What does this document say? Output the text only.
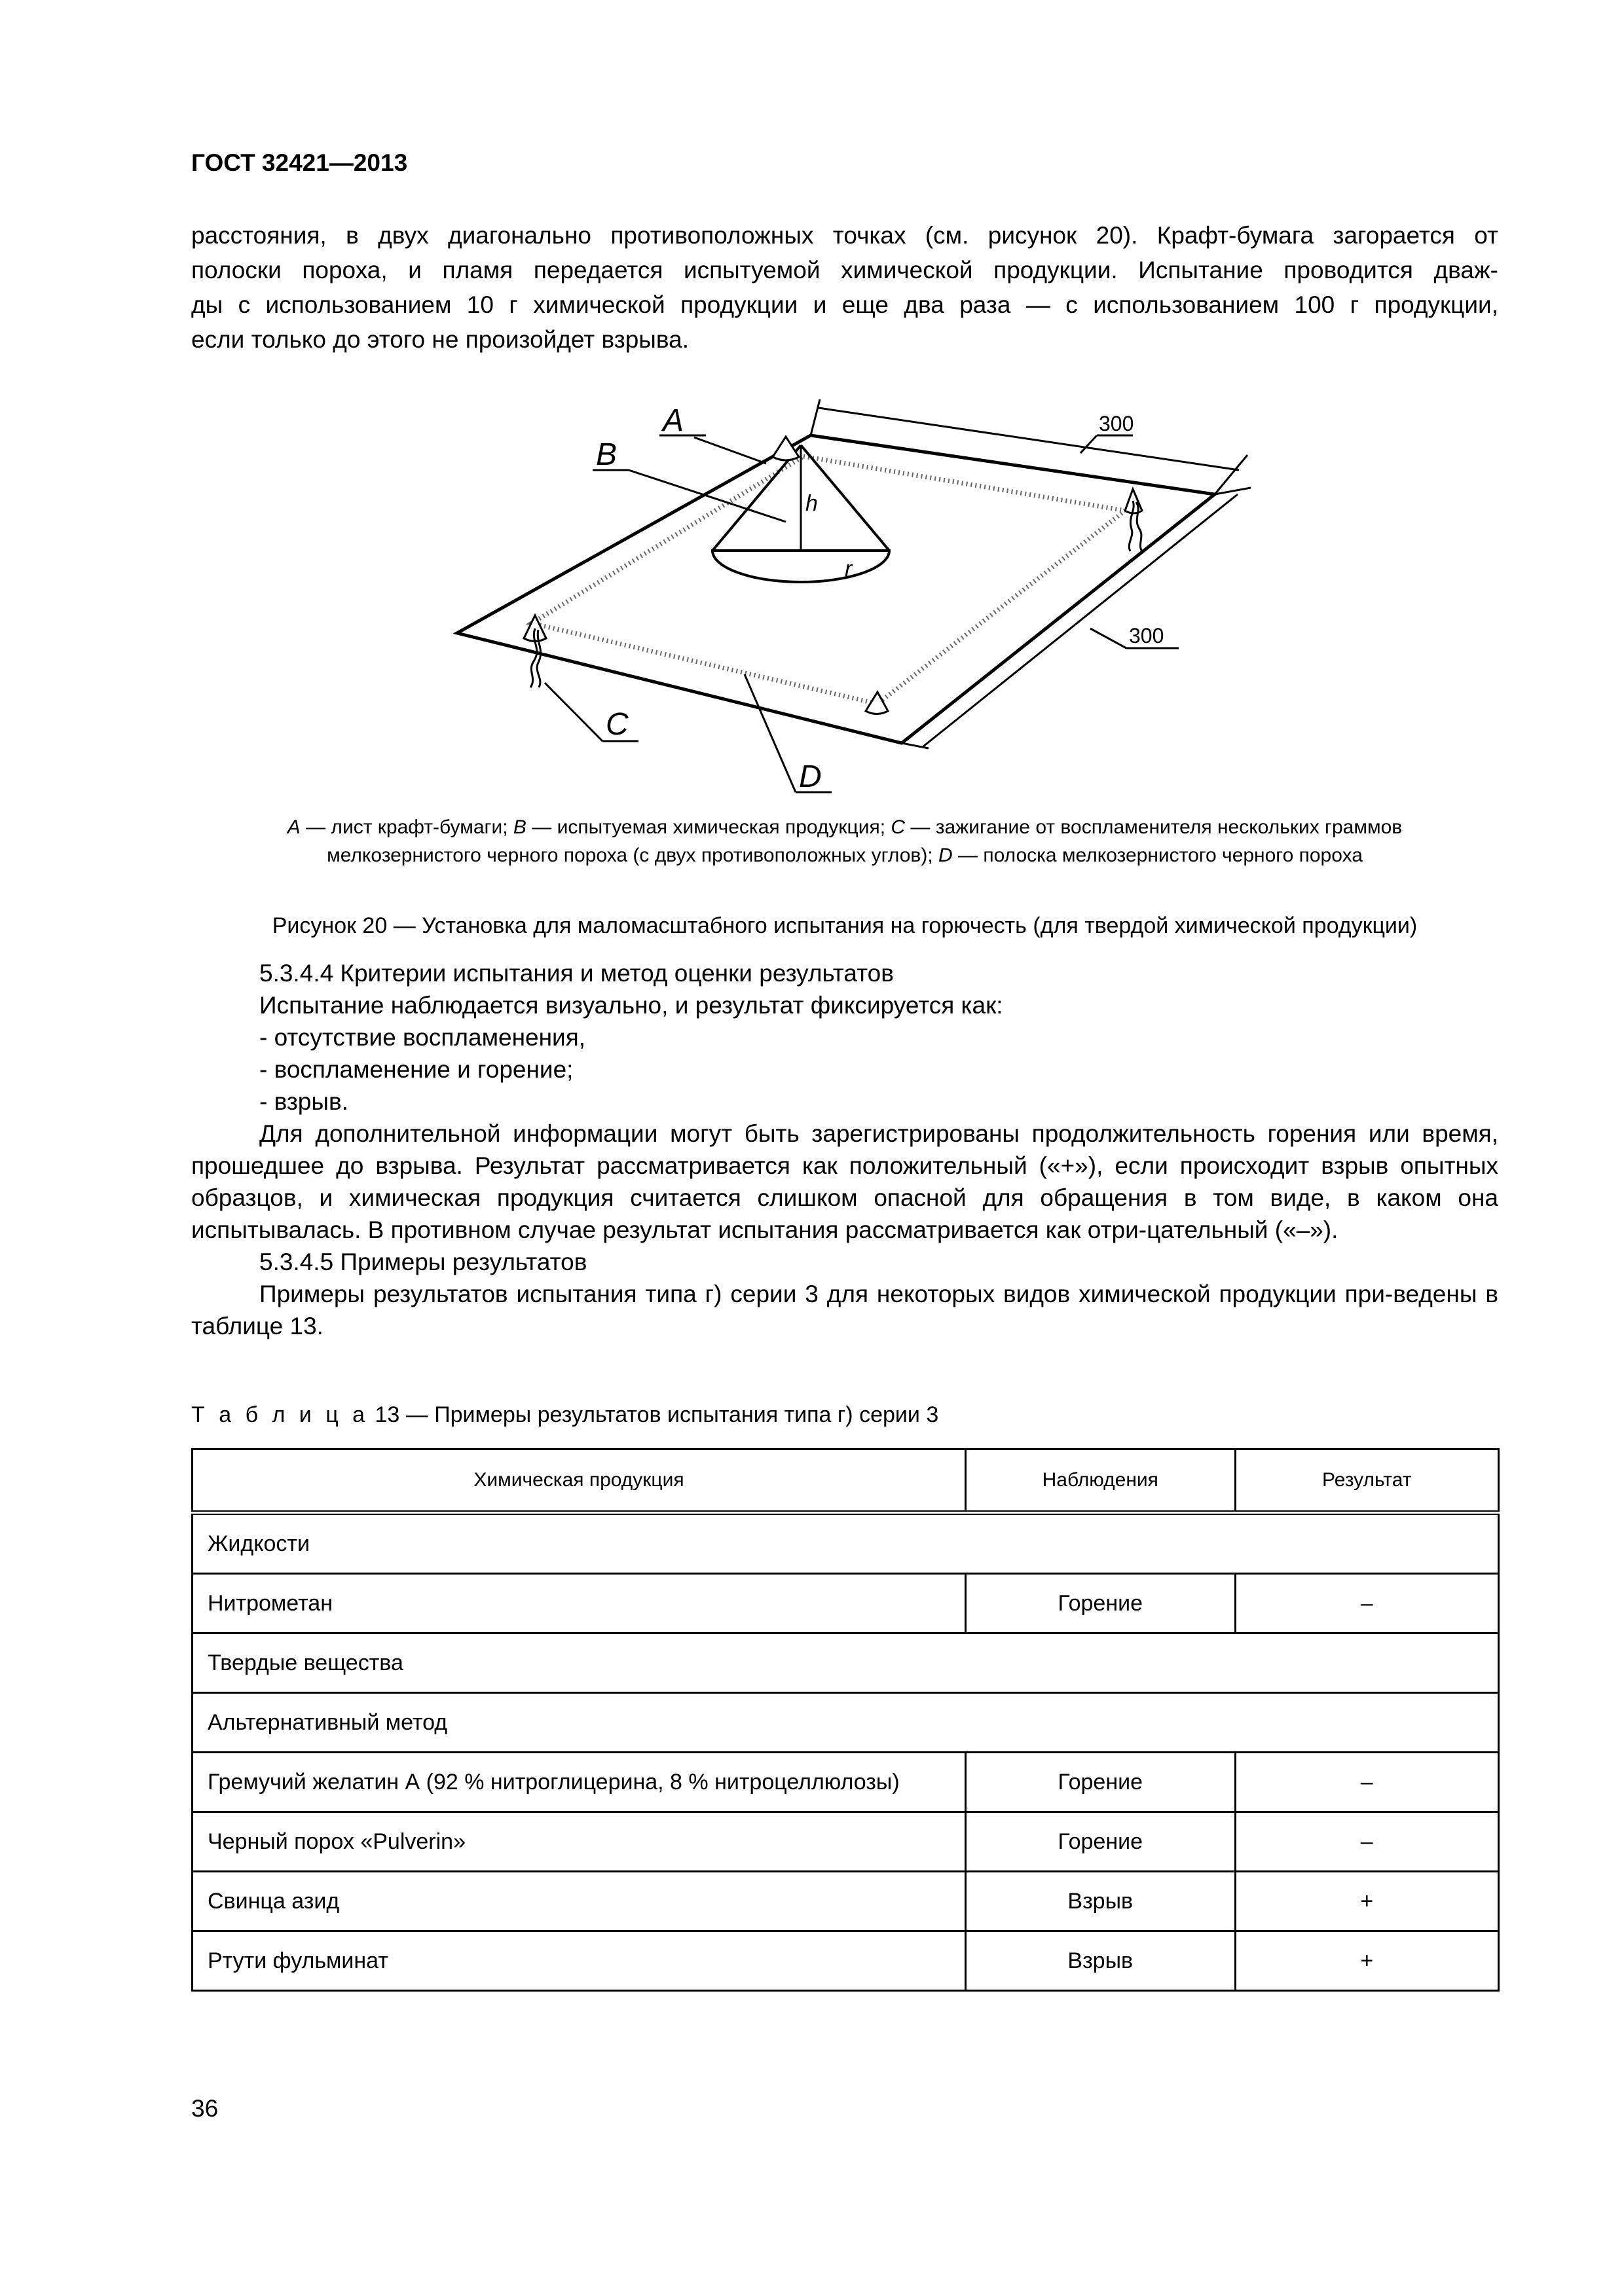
ГОСТ 32421—2013

расстояния, в двух диагонально противоположных точках (см. рисунок 20). Крафт-бумага загорается от

полоски пороха, и пламя передается испытуемой химической продукции. Испытание проводится дваж-

ды с использованием 10 г химической продукции и еще два раза — с использованием 100 г продукции,

если только до этого не произойдет взрыва.

A
B
C
D
h
r
300
300
A — лист крафт-бумаги; B — испытуемая химическая продукция; C — зажигание от воспламенителя нескольких граммов мелкозернистого черного пороха (с двух противоположных углов); D — полоска мелкозернистого черного пороха
Рисунок 20 — Установка для маломасштабного испытания на горючесть (для твердой химической продукции)

5.3.4.4 Критерии испытания и метод оценки результатов

Испытание наблюдается визуально, и результат фиксируется как:

- отсутствие воспламенения,

- воспламенение и горение;

- взрыв.

Для дополнительной информации могут быть зарегистрированы продолжительность горения или время, прошедшее до взрыва. Результат рассматривается как положительный («+»), если происходит взрыв опытных образцов, и химическая продукция считается слишком опасной для обращения в том виде, в каком она испытывалась. В противном случае результат испытания рассматривается как отри-цательный («–»).

5.3.4.5 Примеры результатов

Примеры результатов испытания типа г) серии 3 для некоторых видов химической продукции при-ведены в таблице 13.

Т а б л и ц а 13 — Примеры результатов испытания типа г) серии 3
Химическая продукция	Наблюдения	Результат
Жидкости		
Нитрометан	Горение	–
Твердые вещества		
Альтернативный метод		
Гремучий желатин А (92 % нитроглицерина, 8 % нитроцеллюлозы)	Горение	–
Черный порох «Pulverin»	Горение	–
Свинца азид	Взрыв	+
Ртути фульминат	Взрыв	+
36
